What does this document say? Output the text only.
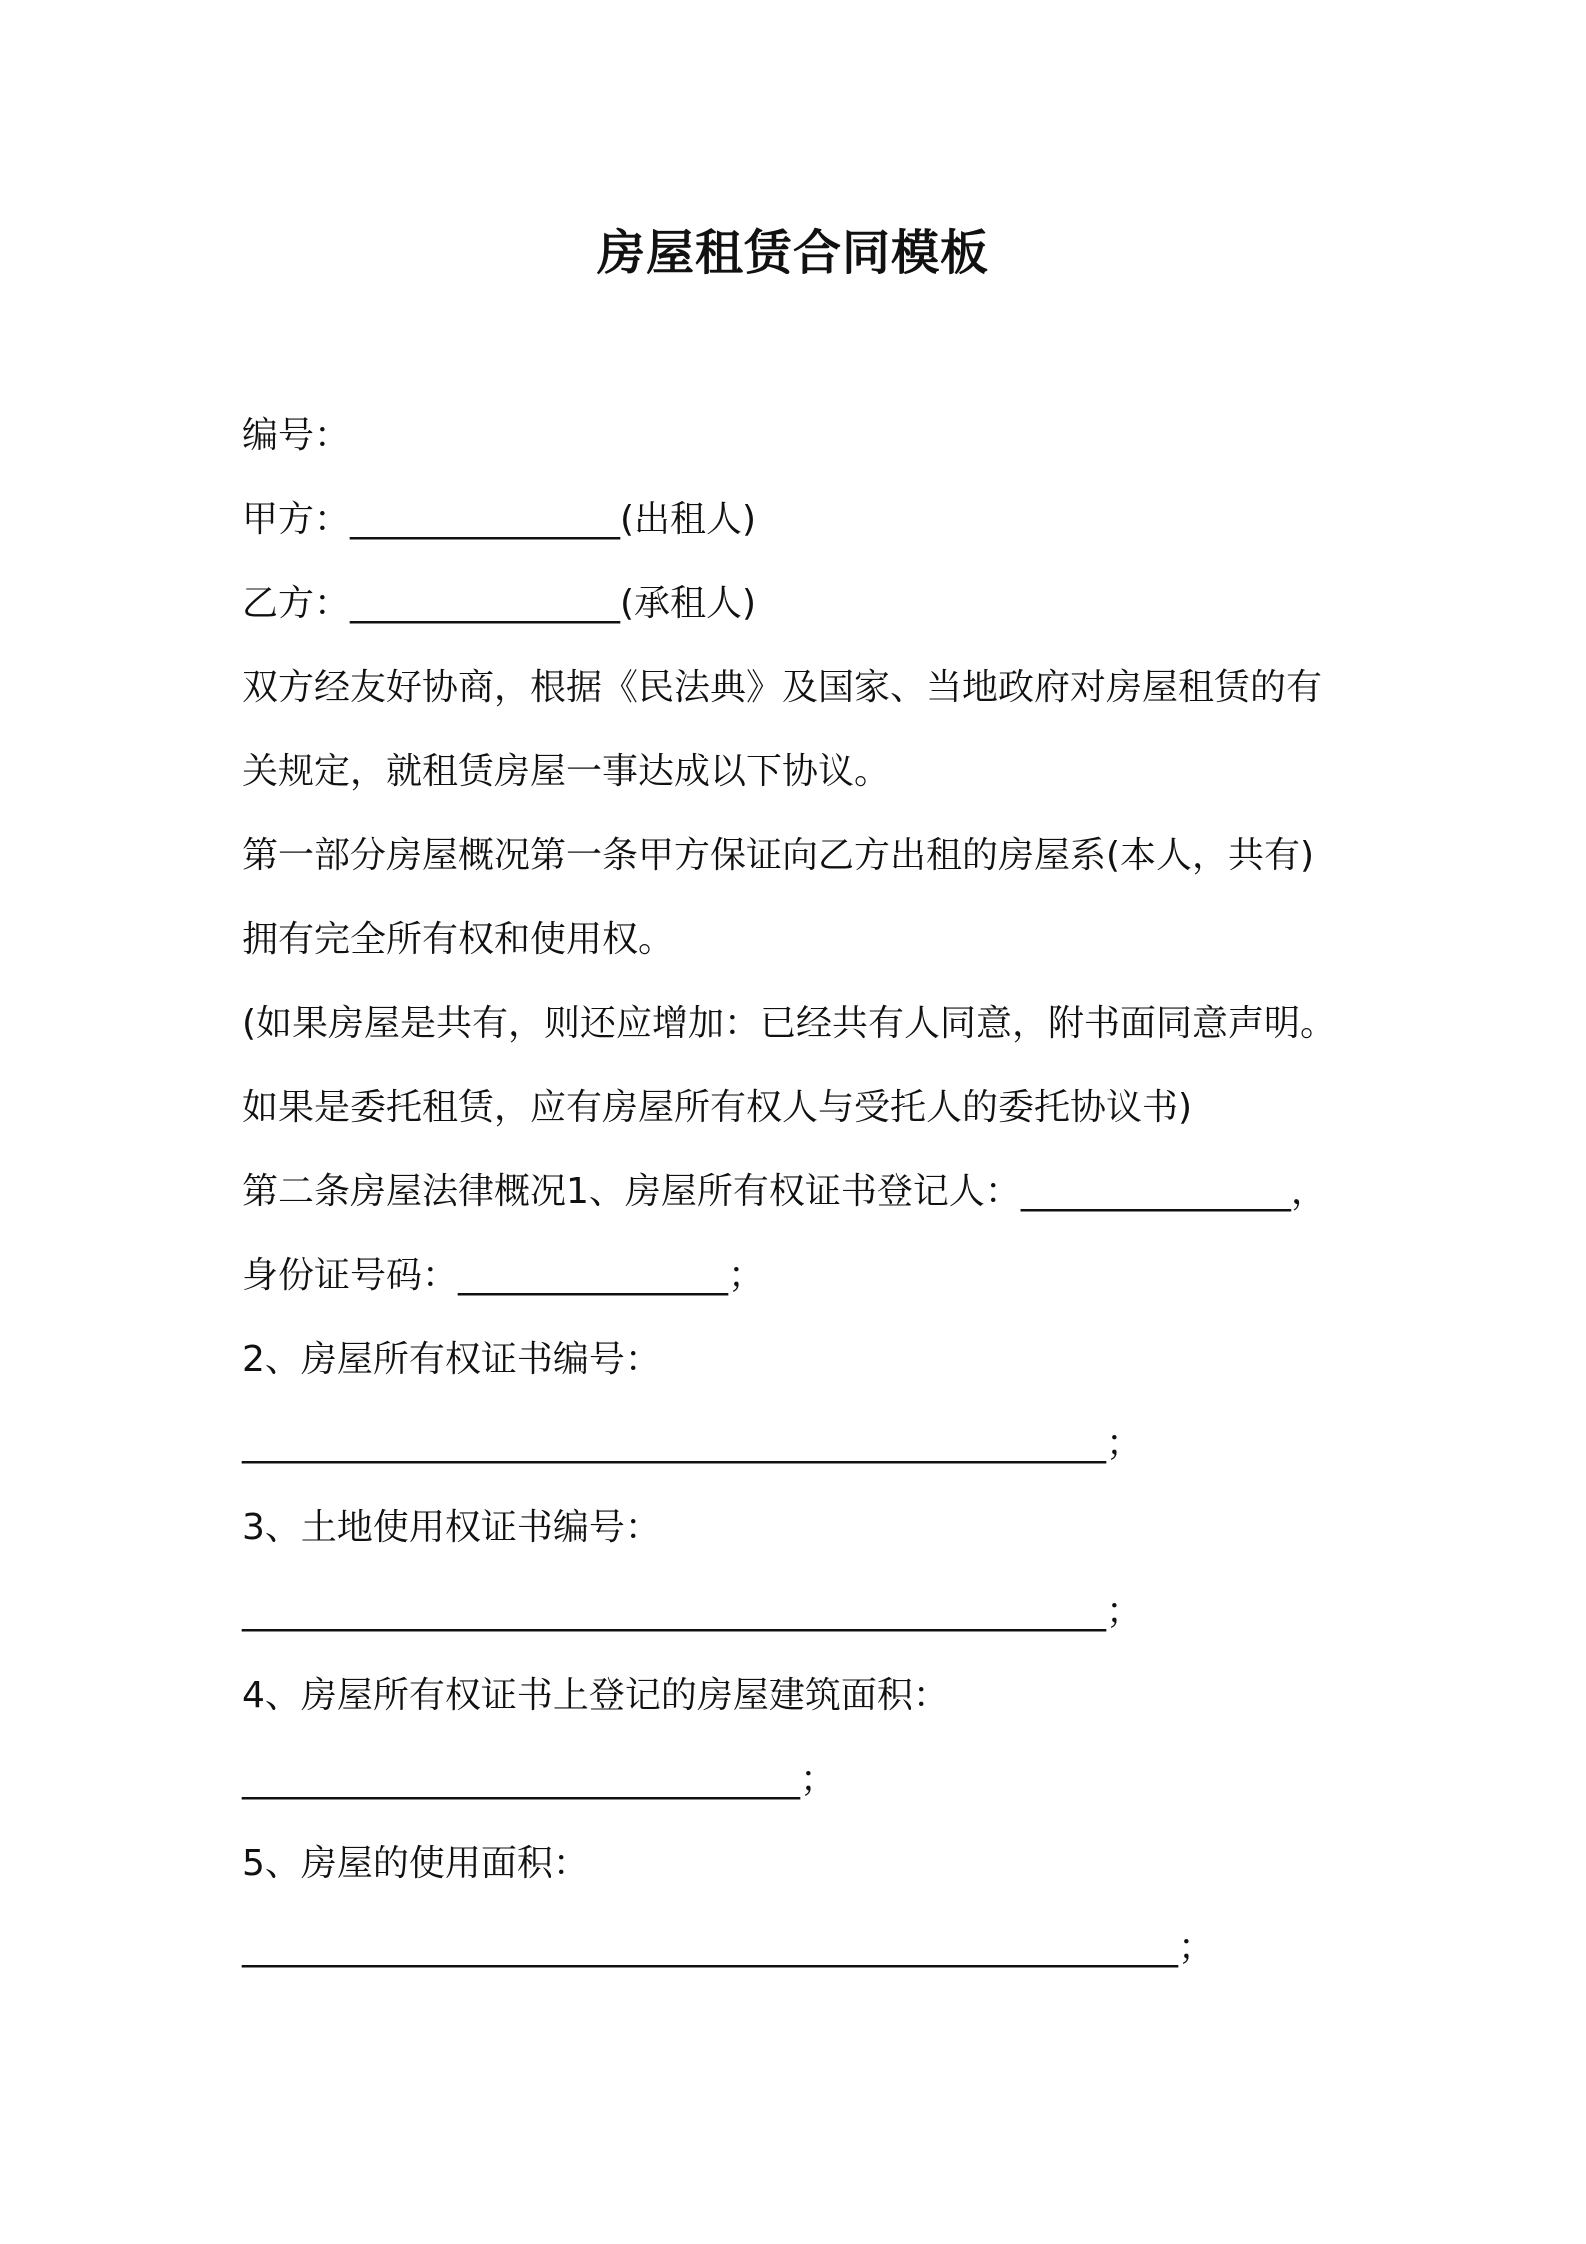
房屋租赁合同模板
编号：
甲方：_______________(出租人)
乙方：_______________(承租人)
双方经友好协商，根据《民法典》及国家、当地政府对房屋租赁的有
关规定，就租赁房屋一事达成以下协议。
第一部分房屋概况第一条甲方保证向乙方出租的房屋系(本人，共有)
拥有完全所有权和使用权。
(如果房屋是共有，则还应增加：已经共有人同意，附书面同意声明。
如果是委托租赁，应有房屋所有权人与受托人的委托协议书)
第二条房屋法律概况1、房屋所有权证书登记人：_______________，
身份证号码：_______________；
2、房屋所有权证书编号：
________________________________________________；
3、土地使用权证书编号：
________________________________________________；
4、房屋所有权证书上登记的房屋建筑面积：
_______________________________；
5、房屋的使用面积：
____________________________________________________；
